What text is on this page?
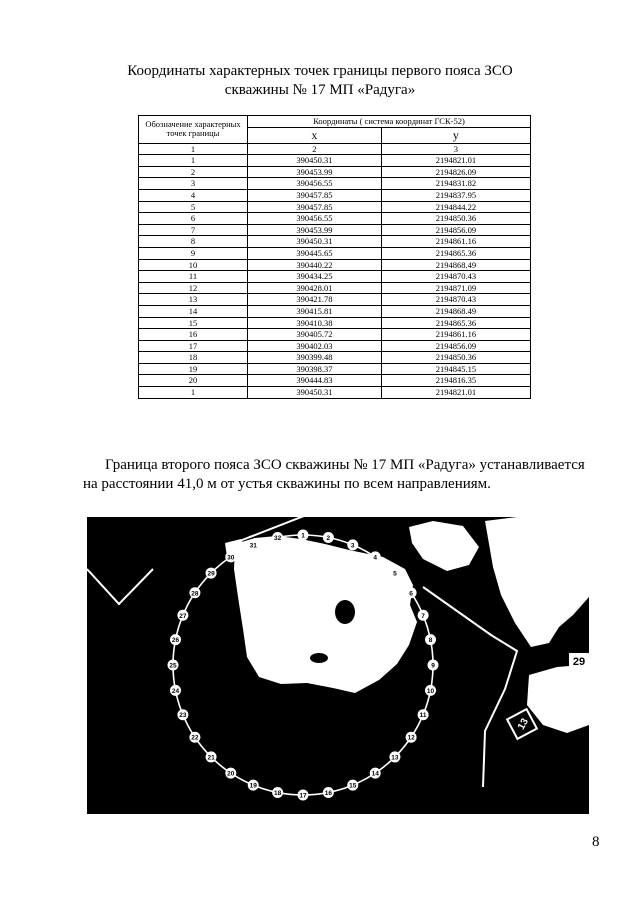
Координаты характерных точек границы первого пояса ЗСО
скважины № 17 МП «Радуга»
Обозначение характерных точек границы	Координаты ( система координат ГСК-52)	
	x	y
1	2	3
1	390450.31	2194821.01
2	390453.99	2194826.09
3	390456.55	2194831.82
4	390457.85	2194837.95
5	390457.85	2194844.22
6	390456.55	2194850.36
7	390453.99	2194856.09
8	390450.31	2194861.16
9	390445.65	2194865.36
10	390440.22	2194868.49
11	390434.25	2194870.43
12	390428.01	2194871.09
13	390421.78	2194870.43
14	390415.81	2194868.49
15	390410.38	2194865.36
16	390405.72	2194861.16
17	390402.03	2194856.09
18	390399.48	2194850.36
19	390398.37	2194845.15
20	390444.83	2194816.35
1	390450.31	2194821.01
Граница второго пояса ЗСО скважины № 17 МП «Радуга» устанавливается
на расстоянии 41,0 м от устья скважины по всем направлениям.
1	2
3
4
5
6
7
8
9
10
11
12
13
14
15
16
17
18
19
20
21
22
23
24
25
26
27
28
29
30
31
32
29
13
8
